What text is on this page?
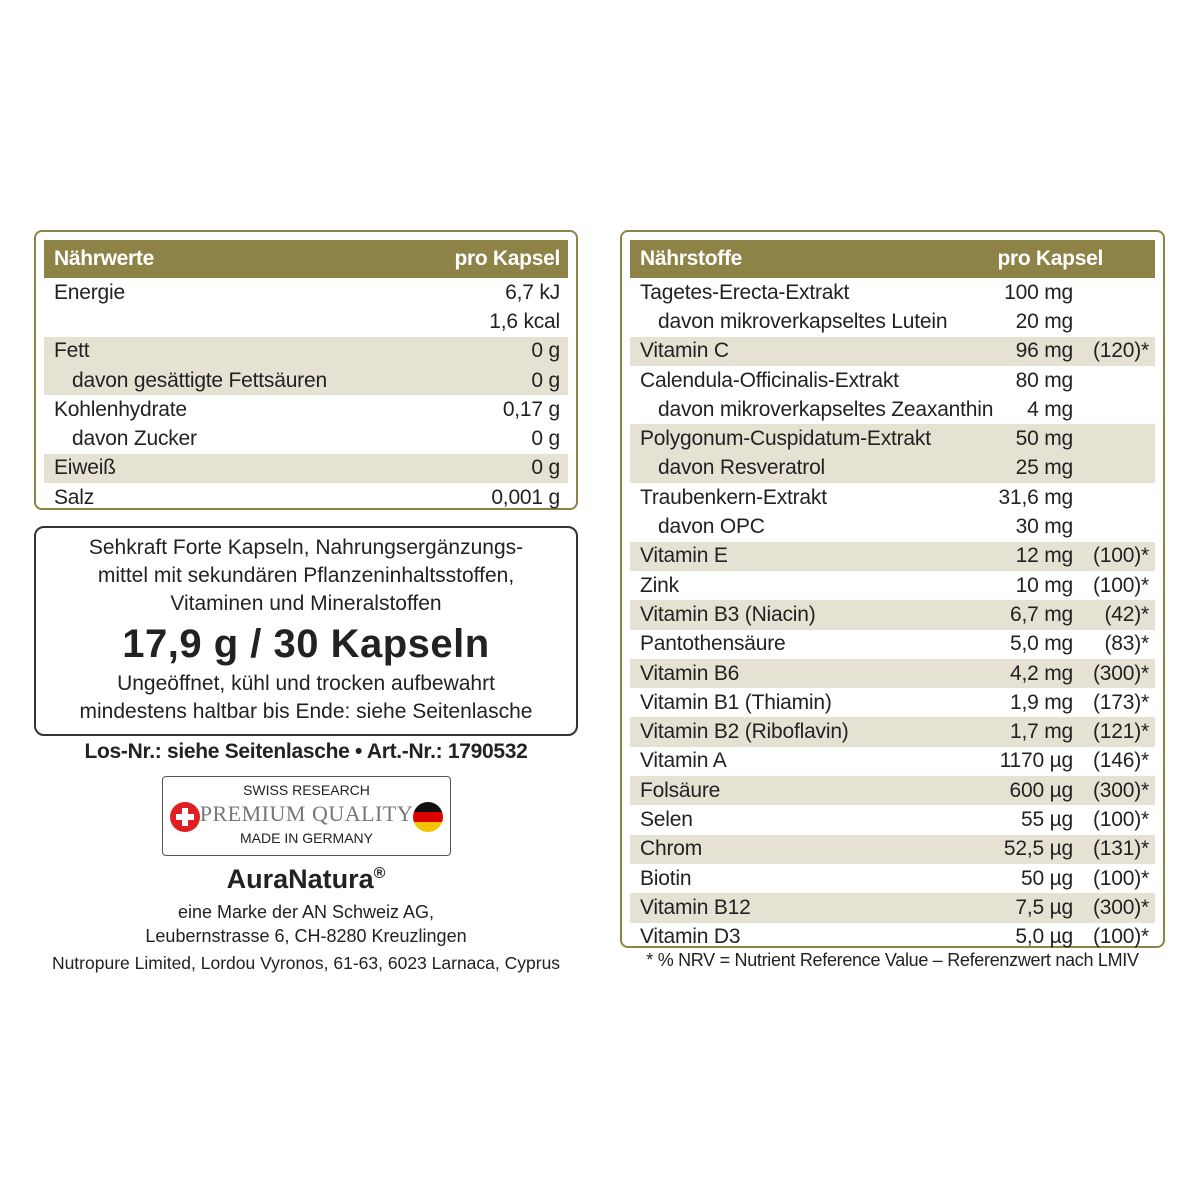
Nährwerte	pro Kapsel
Energie	6,7 kJ
1,6 kcal
Fett	0 g
davon gesättigte Fettsäuren	0 g
Kohlenhydrate	0,17 g
davon Zucker	0 g
Eiweiß	0 g
Salz	0,001 g
Nährstoffe	pro Kapsel
Tagetes-Erecta-Extrakt	100 mg
davon mikroverkapseltes Lutein	20 mg
Vitamin C	96 mg (120)*
Calendula-Officinalis-Extrakt	80 mg
davon mikroverkapseltes Zeaxanthin	4 mg
Polygonum-Cuspidatum-Extrakt	50 mg
davon Resveratrol	25 mg
Traubenkern-Extrakt	31,6 mg
davon OPC	30 mg
Vitamin E	12 mg (100)*
Zink	10 mg (100)*
Vitamin B3 (Niacin)	6,7 mg (42)*
Pantothensäure	5,0 mg (83)*
Vitamin B6	4,2 mg (300)*
Vitamin B1 (Thiamin)	1,9 mg (173)*
Vitamin B2 (Riboflavin)	1,7 mg (121)*
Vitamin A	1170 µg (146)*
Folsäure	600 µg (300)*
Selen	55 µg (100)*
Chrom	52,5 µg (131)*
Biotin	50 µg (100)*
Vitamin B12	7,5 µg (300)*
Vitamin D3	5,0 µg (100)*
Sehkraft Forte Kapseln, Nahrungsergänzungs-
mittel mit sekundären Pflanzeninhaltsstoffen,
Vitaminen und Mineralstoffen
17,9 g / 30 Kapseln
Ungeöffnet, kühl und trocken aufbewahrt
mindestens haltbar bis Ende: siehe Seitenlasche
Los-Nr.: siehe Seitenlasche • Art.-Nr.: 1790532
SWISS RESEARCH
PREMIUM QUALITY
MADE IN GERMANY
AuraNatura®
eine Marke der AN Schweiz AG,
Leubernstrasse 6, CH-8280 Kreuzlingen
Nutropure Limited, Lordou Vyronos, 61-63, 6023 Larnaca, Cyprus	* % NRV = Nutrient Reference Value – Referenzwert nach LMIV
